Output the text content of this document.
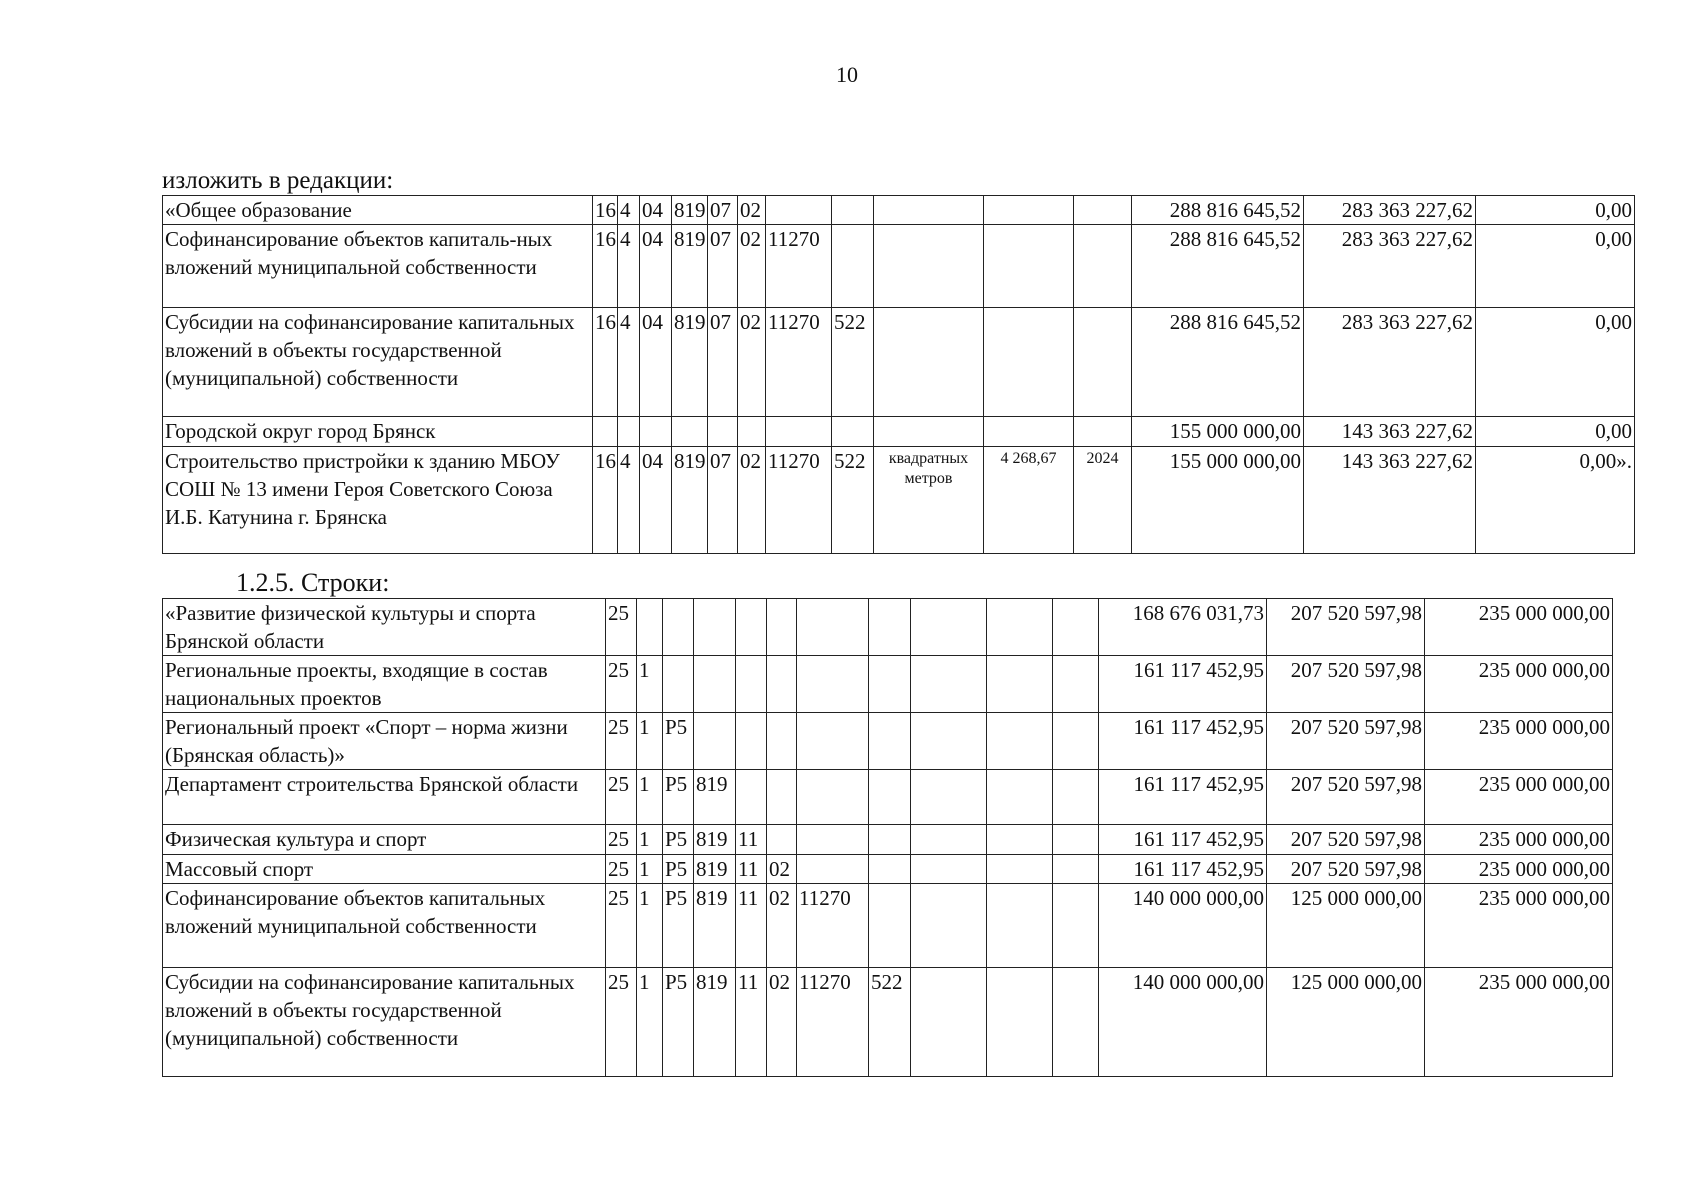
10
изложить в редакции:
«Общее образование	16	4	04	819	07	02						288 816 645,52	283 363 227,62	0,00
Софинансирование объектов капиталь-ных вложений муниципальной собственности	16	4	04	819	07	02	11270					288 816 645,52	283 363 227,62	0,00
Субсидии на софинансирование капитальных вложений в объекты государственной (муниципальной) собственности	16	4	04	819	07	02	11270	522				288 816 645,52	283 363 227,62	0,00
Городской округ город Брянск												155 000 000,00	143 363 227,62	0,00
Строительство пристройки к зданию МБОУ СОШ № 13 имени Героя Советского Союза И.Б. Катунина г. Брянска	16	4	04	819	07	02	11270	522	квадратных метров	4 268,67	2024	155 000 000,00	143 363 227,62	0,00».
1.2.5. Строки:
«Развитие физической культуры и спорта Брянской области	25											168 676 031,73	207 520 597,98	235 000 000,00
Региональные проекты, входящие в состав национальных проектов	25	1										161 117 452,95	207 520 597,98	235 000 000,00
Региональный проект «Спорт – норма жизни (Брянская область)»	25	1	Р5									161 117 452,95	207 520 597,98	235 000 000,00
Департамент строительства Брянской области	25	1	Р5	819								161 117 452,95	207 520 597,98	235 000 000,00
Физическая культура и спорт	25	1	Р5	819	11							161 117 452,95	207 520 597,98	235 000 000,00
Массовый спорт	25	1	Р5	819	11	02						161 117 452,95	207 520 597,98	235 000 000,00
Софинансирование объектов капитальных вложений муниципальной собственности	25	1	Р5	819	11	02	11270					140 000 000,00	125 000 000,00	235 000 000,00
Субсидии на софинансирование капитальных вложений в объекты государственной (муниципальной) собственности	25	1	Р5	819	11	02	11270	522				140 000 000,00	125 000 000,00	235 000 000,00
